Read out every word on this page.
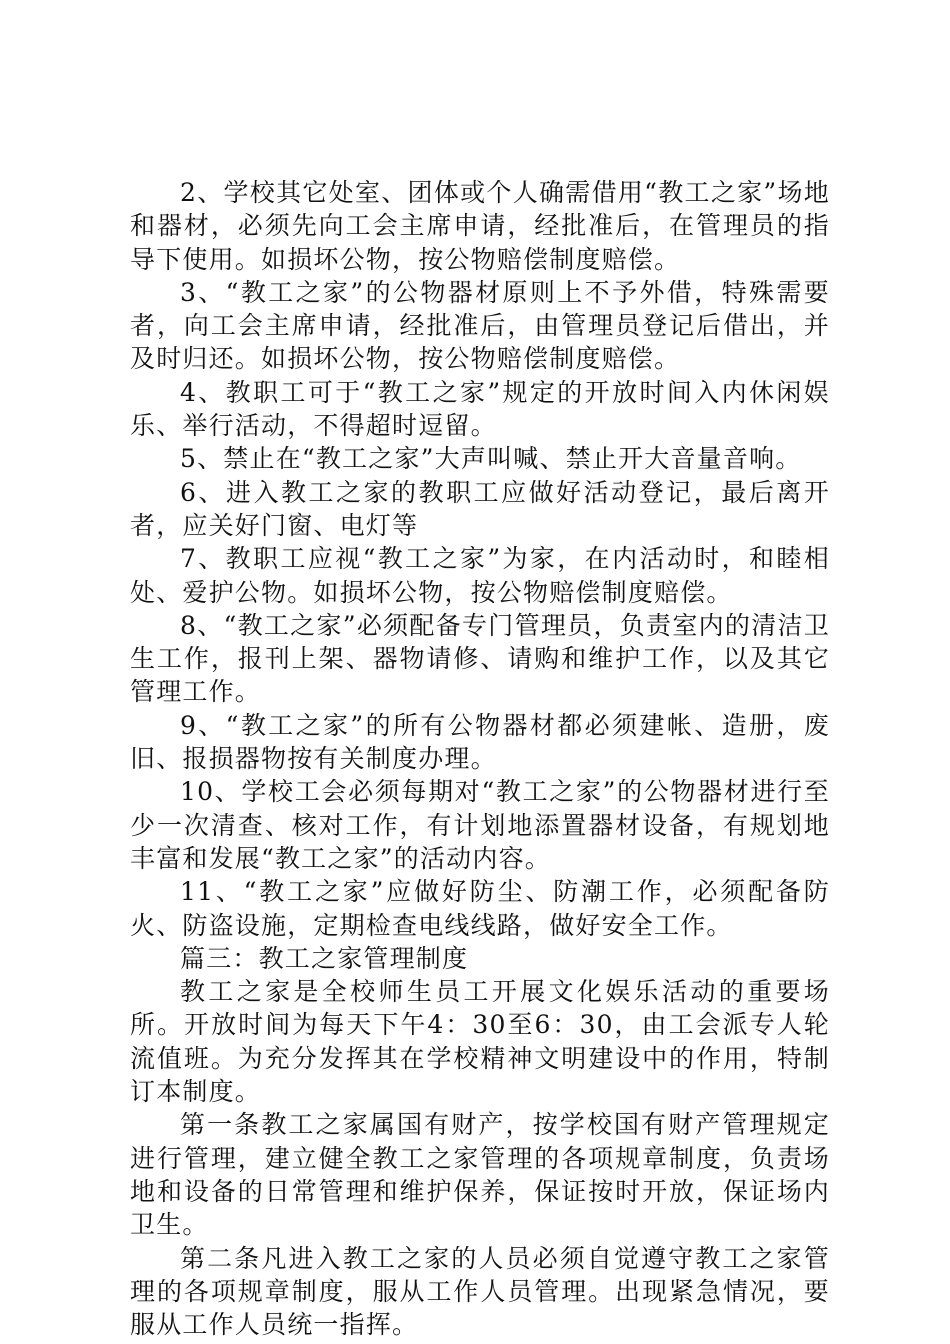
2、学校其它处室、团体或个人确需借用“教工之家”场地和器材，必须先向工会主席申请，经批准后，在管理员的指导下使用。如损坏公物，按公物赔偿制度赔偿。

3、“教工之家”的公物器材原则上不予外借，特殊需要者，向工会主席申请，经批准后，由管理员登记后借出，并及时归还。如损坏公物，按公物赔偿制度赔偿。

4、教职工可于“教工之家”规定的开放时间入内休闲娱乐、举行活动，不得超时逗留。

5、禁止在“教工之家”大声叫喊、禁止开大音量音响。

6、进入教工之家的教职工应做好活动登记，最后离开者，应关好门窗、电灯等

7、教职工应视“教工之家”为家，在内活动时，和睦相处、爱护公物。如损坏公物，按公物赔偿制度赔偿。

8、“教工之家”必须配备专门管理员，负责室内的清洁卫生工作，报刊上架、器物请修、请购和维护工作，以及其它管理工作。

9、“教工之家”的所有公物器材都必须建帐、造册，废旧、报损器物按有关制度办理。

10、学校工会必须每期对“教工之家”的公物器材进行至少一次清查、核对工作，有计划地添置器材设备，有规划地丰富和发展“教工之家”的活动内容。

11、“教工之家”应做好防尘、防潮工作，必须配备防火、防盗设施，定期检查电线线路，做好安全工作。

篇三：教工之家管理制度

教工之家是全校师生员工开展文化娱乐活动的重要场所。开放时间为每天下午4：30至6：30，由工会派专人轮流值班。为充分发挥其在学校精神文明建设中的作用，特制订本制度。

第一条教工之家属国有财产，按学校国有财产管理规定进行管理，建立健全教工之家管理的各项规章制度，负责场地和设备的日常管理和维护保养，保证按时开放，保证场内卫生。

第二条凡进入教工之家的人员必须自觉遵守教工之家管理的各项规章制度，服从工作人员管理。出现紧急情况，要服从工作人员统一指挥。
